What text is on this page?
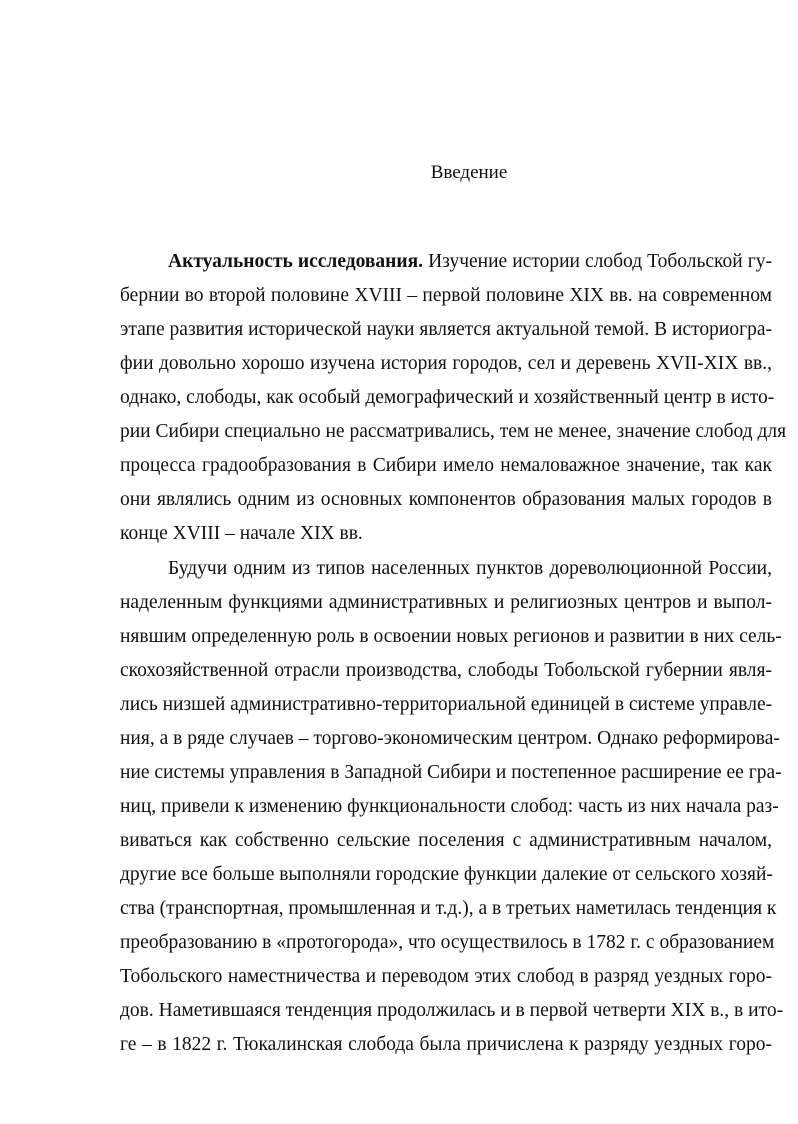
Введение
Актуальность исследования. Изучение истории слобод Тобольской гу-
бернии во второй половине XVIII – первой половине XIX вв. на современном
этапе развития исторической науки является актуальной темой. В историогра-
фии довольно хорошо изучена история городов, сел и деревень XVII-XIX вв.,
однако, слободы, как особый демографический и хозяйственный центр в исто-
рии Сибири специально не рассматривались, тем не менее, значение слобод для
процесса градообразования в Сибири имело немаловажное значение, так как
они являлись одним из основных компонентов образования малых городов в
конце XVIII – начале XIX вв.
Будучи одним из типов населенных пунктов дореволюционной России,
наделенным функциями административных и религиозных центров и выпол-
нявшим определенную роль в освоении новых регионов и развитии в них сель-
скохозяйственной отрасли производства, слободы Тобольской губернии явля-
лись низшей административно-территориальной единицей в системе управле-
ния, а в ряде случаев – торгово-экономическим центром. Однако реформирова-
ние системы управления в Западной Сибири и постепенное расширение ее гра-
ниц, привели к изменению функциональности слобод: часть из них начала раз-
виваться как собственно сельские поселения с административным началом,
другие все больше выполняли городские функции далекие от сельского хозяй-
ства (транспортная, промышленная и т.д.), а в третьих наметилась тенденция к
преобразованию в «протогорода», что осуществилось в 1782 г. с образованием
Тобольского наместничества и переводом этих слобод в разряд уездных горо-
дов. Наметившаяся тенденция продолжилась и в первой четверти XIX в., в ито-
ге – в 1822 г. Тюкалинская слобода была причислена к разряду уездных горо-
